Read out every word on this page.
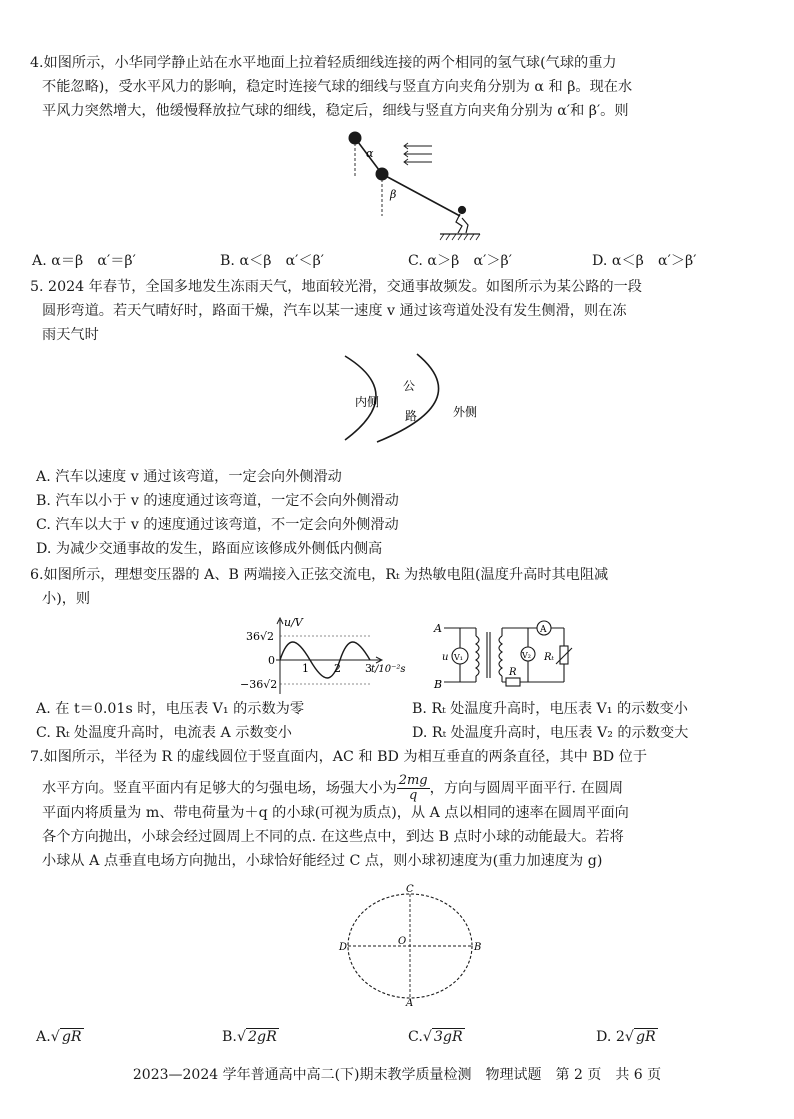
4.如图所示，小华同学静止站在水平地面上拉着轻质细线连接的两个相同的氢气球(气球的重力
不能忽略)，受水平风力的影响，稳定时连接气球的细线与竖直方向夹角分别为 α 和 β。现在水
平风力突然增大，他缓慢释放拉气球的细线，稳定后，细线与竖直方向夹角分别为 α′和 β′。则
α
β
A. α＝β　α′＝β′	B. α＜β　α′＜β′	C. α＞β　α′＞β′	D. α＜β　α′＞β′
5. 2024 年春节，全国多地发生冻雨天气，地面较光滑，交通事故频发。如图所示为某公路的一段
圆形弯道。若天气晴好时，路面干燥，汽车以某一速度 v 通过该弯道处没有发生侧滑，则在冻
雨天气时
内侧
公
路	外侧
A. 汽车以速度 v 通过该弯道，一定会向外侧滑动
B. 汽车以小于 v 的速度通过该弯道，一定不会向外侧滑动
C. 汽车以大于 v 的速度通过该弯道，不一定会向外侧滑动
D. 为减少交通事故的发生，路面应该修成外侧低内侧高
6.如图所示，理想变压器的 A、B 两端接入正弦交流电，Rₜ 为热敏电阻(温度升高时其电阻减
小)，则
u/V
36√2
0
−36√2
1 2 3 t/10⁻²s
A
B
u V₁	V₂
A
Rₜ
R
A. 在 t＝0.01s 时，电压表 V₁ 的示数为零	B. Rₜ 处温度升高时，电压表 V₁ 的示数变小
C. Rₜ 处温度升高时，电流表 A 示数变小	D. Rₜ 处温度升高时，电压表 V₂ 的示数变大
7.如图所示，半径为 R 的虚线圆位于竖直面内，AC 和 BD 为相互垂直的两条直径，其中 BD 位于
水平方向。竖直平面内有足够大的匀强电场，场强大小为 $\frac{2mg}{q}$ ，方向与圆周平面平行. 在圆周
平面内将质量为 m、带电荷量为＋q 的小球(可视为质点)，从 A 点以相同的速率在圆周平面向
各个方向抛出，小球会经过圆周上不同的点. 在这些点中，到达 B 点时小球的动能最大。若将
小球从 A 点垂直电场方向抛出，小球恰好能经过 C 点，则小球初速度为(重力加速度为 g)
C
O
D	B
A
A.√ gR	B.√ 2gR	C.√ 3gR	D. 2√ gR
2023—2024 学年普通高中高二(下)期末教学质量检测　物理试题　第 2 页　共 6 页
